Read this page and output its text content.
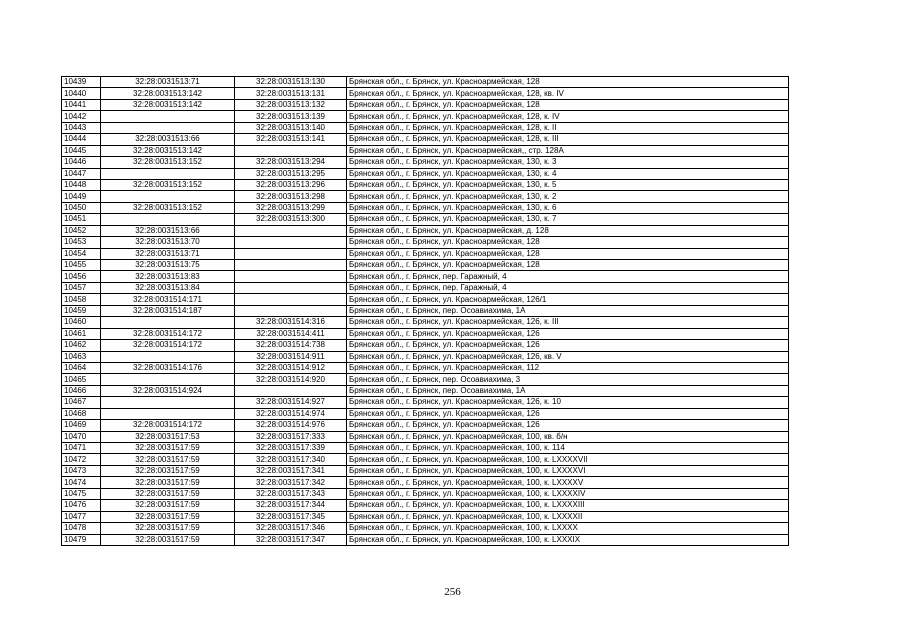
10439	32:28:0031513:71	32:28:0031513:130	Брянская обл., г. Брянск, ул. Красноармейская, 128
10440	32:28:0031513:142	32:28:0031513:131	Брянская обл., г. Брянск, ул. Красноармейская, 128, кв. IV
10441	32:28:0031513:142	32:28:0031513:132	Брянская обл., г. Брянск, ул. Красноармейская, 128
10442		32:28:0031513:139	Брянская обл., г. Брянск, ул. Красноармейская, 128, к. IV
10443		32:28:0031513:140	Брянская обл., г. Брянск, ул. Красноармейская, 128, к. II
10444	32:28:0031513:66	32:28:0031513:141	Брянская обл., г. Брянск, ул. Красноармейская, 128, к. III
10445	32:28:0031513:142		Брянская обл., г. Брянск, ул. Красноармейская,, стр. 128А
10446	32:28:0031513:152	32:28:0031513:294	Брянская обл., г. Брянск, ул. Красноармейская, 130, к. 3
10447		32:28:0031513:295	Брянская обл., г. Брянск, ул. Красноармейская, 130, к. 4
10448	32:28:0031513:152	32:28:0031513:296	Брянская обл., г. Брянск, ул. Красноармейская, 130, к. 5
10449		32:28:0031513:298	Брянская обл., г. Брянск, ул. Красноармейская, 130, к. 2
10450	32:28:0031513:152	32:28:0031513:299	Брянская обл., г. Брянск, ул. Красноармейская, 130, к. 6
10451		32:28:0031513:300	Брянская обл., г. Брянск, ул. Красноармейская, 130, к. 7
10452	32:28:0031513:66		Брянская обл., г. Брянск, ул. Красноармейская, д. 128
10453	32:28:0031513:70		Брянская обл., г. Брянск, ул. Красноармейская, 128
10454	32:28:0031513:71		Брянская обл., г. Брянск, ул. Красноармейская, 128
10455	32:28:0031513:75		Брянская обл., г. Брянск, ул. Красноармейская, 128
10456	32:28:0031513:83		Брянская обл., г. Брянск, пер. Гаражный, 4
10457	32:28:0031513:84		Брянская обл., г. Брянск, пер. Гаражный, 4
10458	32:28:0031514:171		Брянская обл., г. Брянск, ул. Красноармейская, 126/1
10459	32:28:0031514:187		Брянская обл., г. Брянск, пер. Осоавиахима, 1А
10460		32:28:0031514:316	Брянская обл., г. Брянск, ул. Красноармейская, 126, к. III
10461	32:28:0031514:172	32:28:0031514:411	Брянская обл., г. Брянск, ул. Красноармейская, 126
10462	32:28:0031514:172	32:28:0031514:738	Брянская обл., г. Брянск, ул. Красноармейская, 126
10463		32:28:0031514:911	Брянская обл., г. Брянск, ул. Красноармейская, 126, кв. V
10464	32:28:0031514:176	32:28:0031514:912	Брянская обл., г. Брянск, ул. Красноармейская, 112
10465		32:28:0031514:920	Брянская обл., г. Брянск, пер. Осоавиахима, 3
10466	32:28:0031514:924		Брянская обл., г. Брянск, пер. Осоавиахима, 1А
10467		32:28:0031514:927	Брянская обл., г. Брянск, ул. Красноармейская, 126, к. 10
10468		32:28:0031514:974	Брянская обл., г. Брянск, ул. Красноармейская, 126
10469	32:28:0031514:172	32:28:0031514:976	Брянская обл., г. Брянск, ул. Красноармейская, 126
10470	32:28:0031517:53	32:28:0031517:333	Брянская обл., г. Брянск, ул. Красноармейская, 100, кв. б/н
10471	32:28:0031517:59	32:28:0031517:339	Брянская обл., г. Брянск, ул. Красноармейская, 100, к. 114
10472	32:28:0031517:59	32:28:0031517:340	Брянская обл., г. Брянск, ул. Красноармейская, 100, к. LXXXXVII
10473	32:28:0031517:59	32:28:0031517:341	Брянская обл., г. Брянск, ул. Красноармейская, 100, к. LXXXXVI
10474	32:28:0031517:59	32:28:0031517:342	Брянская обл., г. Брянск, ул. Красноармейская, 100, к. LXXXXV
10475	32:28:0031517:59	32:28:0031517:343	Брянская обл., г. Брянск, ул. Красноармейская, 100, к. LXXXXIV
10476	32:28:0031517:59	32:28:0031517:344	Брянская обл., г. Брянск, ул. Красноармейская, 100, к. LXXXXIII
10477	32:28:0031517:59	32:28:0031517:345	Брянская обл., г. Брянск, ул. Красноармейская, 100, к. LXXXXII
10478	32:28:0031517:59	32:28:0031517:346	Брянская обл., г. Брянск, ул. Красноармейская, 100, к. LXXXX
10479	32:28:0031517:59	32:28:0031517:347	Брянская обл., г. Брянск, ул. Красноармейская, 100, к. LXXXIX
256
